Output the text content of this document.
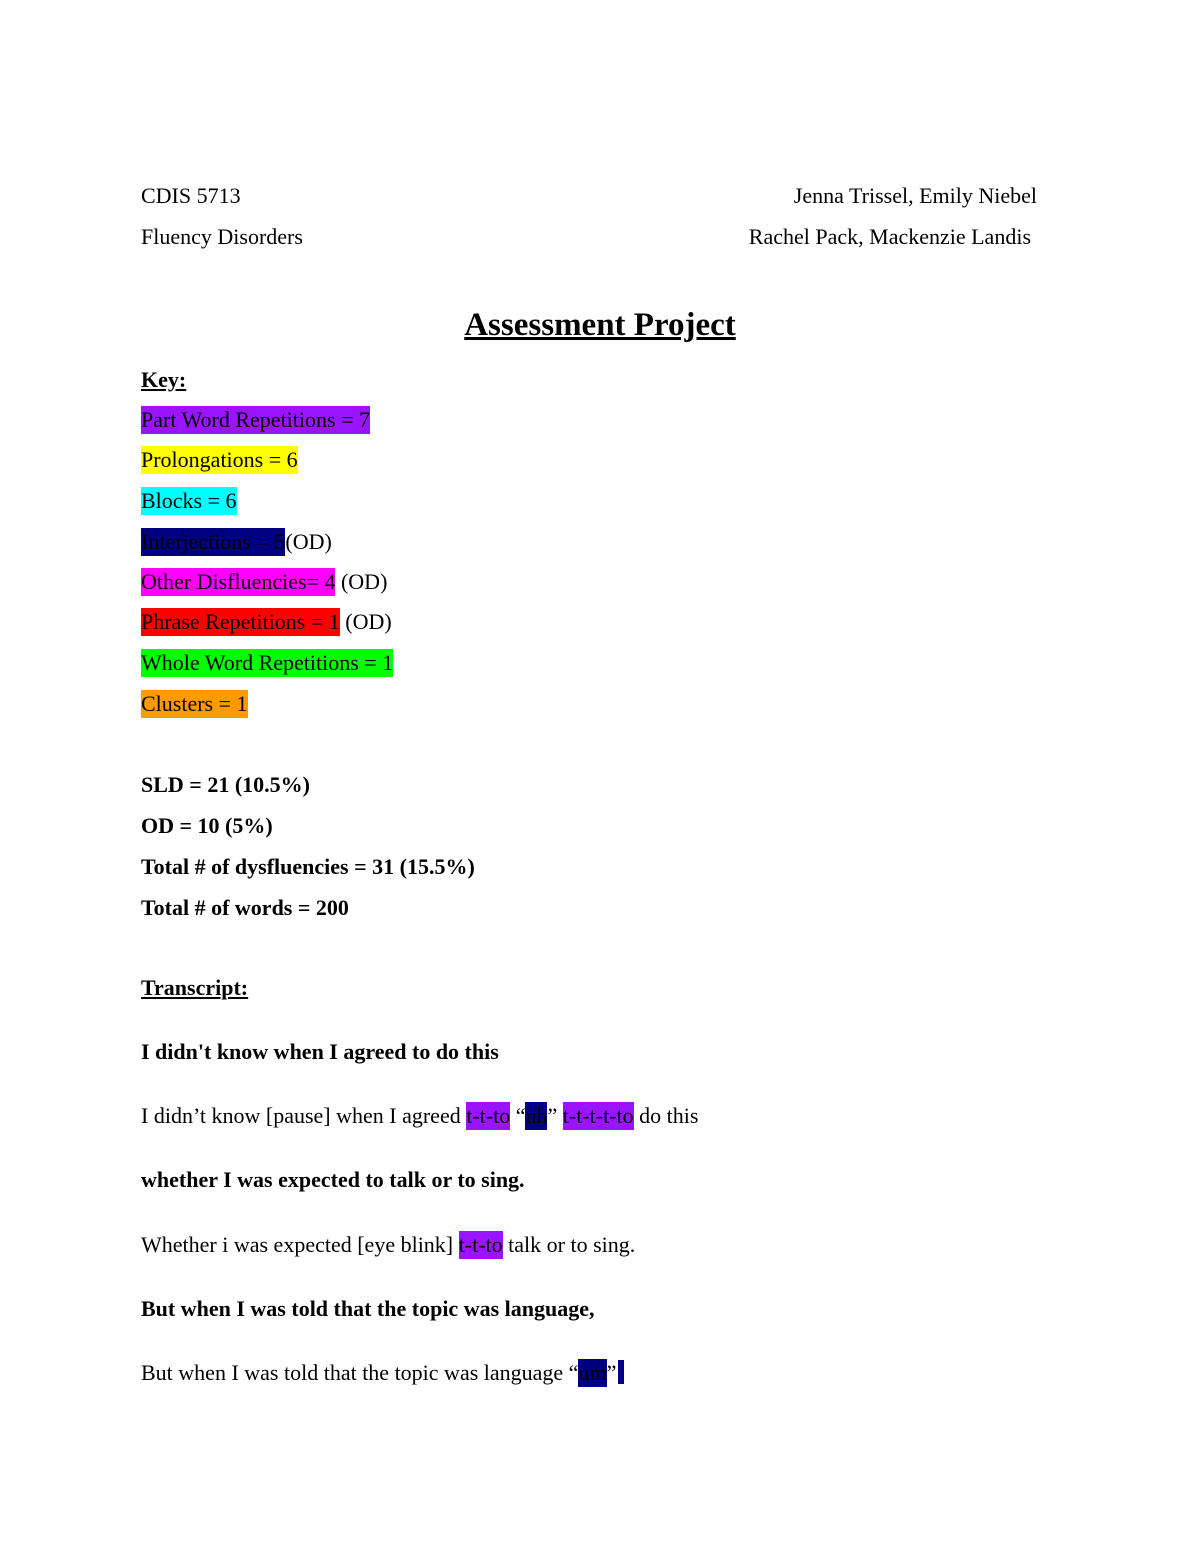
CDIS 5713
Fluency Disorders
Jenna Trissel, Emily Niebel
Rachel Pack, Mackenzie Landis
Assessment Project
Key:
Part Word Repetitions = 7
Prolongations = 6
Blocks = 6
Interjections = 5(OD)
Other Disfluencies= 4 (OD)
Phrase Repetitions = 1 (OD)
Whole Word Repetitions = 1
Clusters = 1
SLD = 21 (10.5%)
OD = 10 (5%)
Total # of dysfluencies = 31 (15.5%)
Total # of words = 200
Transcript:
I didn't know when I agreed to do this
I didn’t know [pause] when I agreed t-t-to “uh” t-t-t-t-to do this
whether I was expected to talk or to sing.
Whether i was expected [eye blink] t-t-to talk or to sing.
But when I was told that the topic was language,
But when I was told that the topic was language “um”
